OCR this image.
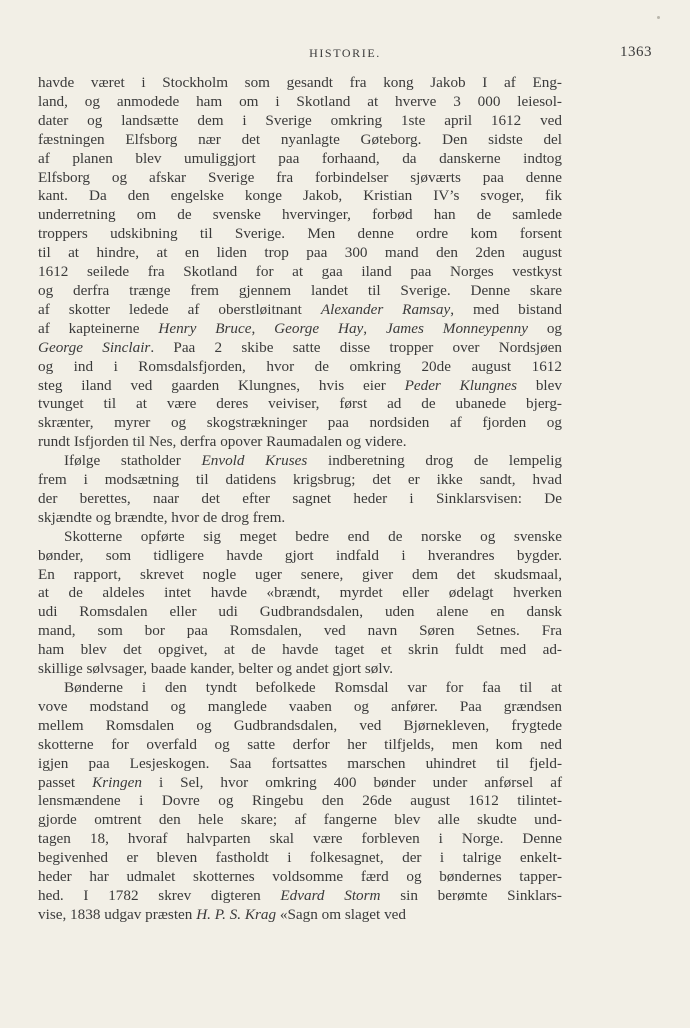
HISTORIE.	1363
havde været i Stockholm som gesandt fra kong Jakob I af Eng-
land, og anmodede ham om i Skotland at hverve 3 000 leiesol-
dater og landsætte dem i Sverige omkring 1ste april 1612 ved
fæstningen Elfsborg nær det nyanlagte Gøteborg. Den sidste del
af planen blev umuliggjort paa forhaand, da danskerne indtog
Elfsborg og afskar Sverige fra forbindelser sjøværts paa denne
kant. Da den engelske konge Jakob, Kristian IV’s svoger, fik
underretning om de svenske hvervinger, forbød han de samlede
troppers udskibning til Sverige. Men denne ordre kom forsent
til at hindre, at en liden trop paa 300 mand den 2den august
1612 seilede fra Skotland for at gaa iland paa Norges vestkyst
og derfra trænge frem gjennem landet til Sverige. Denne skare
af skotter ledede af oberstløitnant Alexander Ramsay, med bistand
af kapteinerne Henry Bruce, George Hay, James Monneypenny og
George Sinclair. Paa 2 skibe satte disse tropper over Nordsjøen
og ind i Romsdalsfjorden, hvor de omkring 20de august 1612
steg iland ved gaarden Klungnes, hvis eier Peder Klungnes blev
tvunget til at være deres veiviser, først ad de ubanede bjerg-
skrænter, myrer og skogstrækninger paa nordsiden af fjorden og
rundt Isfjorden til Nes, derfra opover Raumadalen og videre.
Ifølge statholder Envold Kruses indberetning drog de lempelig
frem i modsætning til datidens krigsbrug; det er ikke sandt, hvad
der berettes, naar det efter sagnet heder i Sinklarsvisen: De
skjændte og brændte, hvor de drog frem.
Skotterne opførte sig meget bedre end de norske og svenske
bønder, som tidligere havde gjort indfald i hverandres bygder.
En rapport, skrevet nogle uger senere, giver dem det skudsmaal,
at de aldeles intet havde «brændt, myrdet eller ødelagt hverken
udi Romsdalen eller udi Gudbrandsdalen, uden alene en dansk
mand, som bor paa Romsdalen, ved navn Søren Setnes. Fra
ham blev det opgivet, at de havde taget et skrin fuldt med ad-
skillige sølvsager, baade kander, belter og andet gjort sølv.
Bønderne i den tyndt befolkede Romsdal var for faa til at
vove modstand og manglede vaaben og anfører. Paa grændsen
mellem Romsdalen og Gudbrandsdalen, ved Bjørnekleven, frygtede
skotterne for overfald og satte derfor her tilfjelds, men kom ned
igjen paa Lesjeskogen. Saa fortsattes marschen uhindret til fjeld-
passet Kringen i Sel, hvor omkring 400 bønder under anførsel af
lensmændene i Dovre og Ringebu den 26de august 1612 tilintet-
gjorde omtrent den hele skare; af fangerne blev alle skudte und-
tagen 18, hvoraf halvparten skal være forbleven i Norge. Denne
begivenhed er bleven fastholdt i folkesagnet, der i talrige enkelt-
heder har udmalet skotternes voldsomme færd og bøndernes tapper-
hed. I 1782 skrev digteren Edvard Storm sin berømte Sinklars-
vise, 1838 udgav præsten H. P. S. Krag «Sagn om slaget ved
